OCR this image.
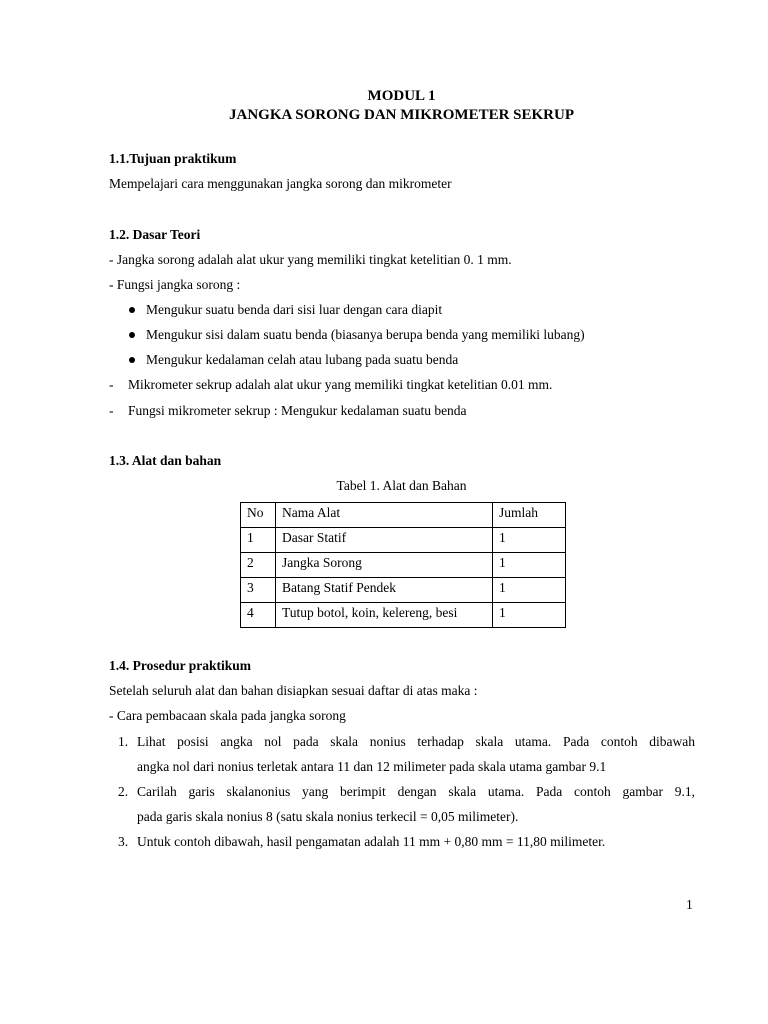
MODUL 1
JANGKA SORONG DAN MIKROMETER SEKRUP
1.1.Tujuan praktikum
Mempelajari cara menggunakan jangka sorong dan mikrometer
1.2. Dasar Teori
- Jangka sorong adalah alat ukur yang memiliki tingkat ketelitian 0. 1 mm.
- Fungsi jangka sorong :
Mengukur suatu benda dari sisi luar dengan cara diapit
Mengukur sisi dalam suatu benda (biasanya berupa benda yang memiliki lubang)
Mengukur kedalaman celah atau lubang pada suatu benda
- Mikrometer sekrup adalah alat ukur yang memiliki tingkat ketelitian 0.01 mm.
- Fungsi mikrometer sekrup : Mengukur kedalaman suatu benda
1.3. Alat dan bahan
Tabel 1. Alat dan Bahan
No	Nama Alat	Jumlah
1	Dasar Statif	1
2	Jangka Sorong	1
3	Batang Statif Pendek	1
4	Tutup botol, koin, kelereng, besi	1
1.4. Prosedur praktikum
Setelah seluruh alat dan bahan disiapkan sesuai daftar di atas maka :
- Cara pembacaan skala pada jangka sorong
1. Lihat posisi angka nol pada skala nonius terhadap skala utama. Pada contoh dibawah
angka nol dari nonius terletak antara 11 dan 12 milimeter pada skala utama gambar 9.1
2. Carilah garis skalanonius yang berimpit dengan skala utama. Pada contoh gambar 9.1,
pada garis skala nonius 8 (satu skala nonius terkecil = 0,05 milimeter).
3. Untuk contoh dibawah, hasil pengamatan adalah 11 mm + 0,80 mm = 11,80 milimeter.
1
